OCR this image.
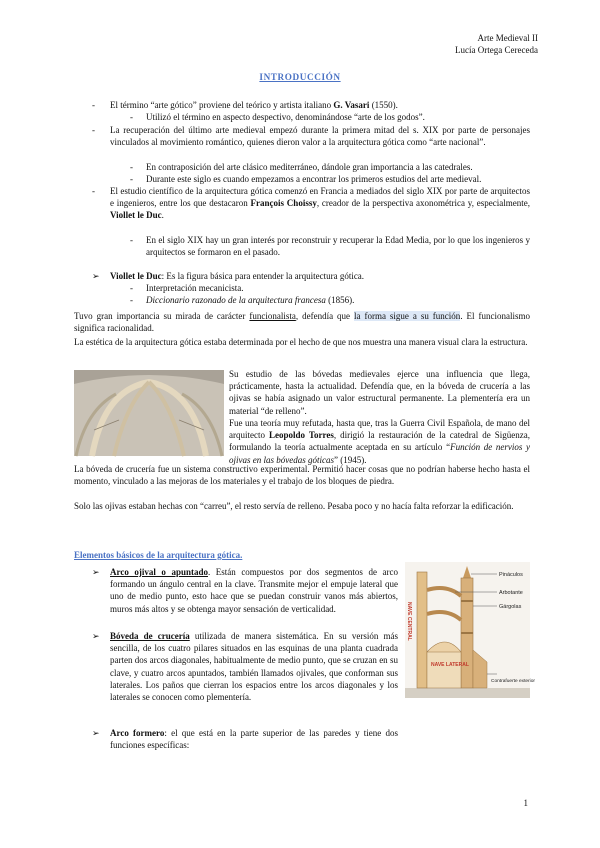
Arte Medieval II
Lucía Ortega Cereceda
INTRODUCCIÓN
- El término “arte gótico” proviene del teórico y artista italiano G. Vasari (1550).
- Utilizó el término en aspecto despectivo, denominándose “arte de los godos”.
- La recuperación del último arte medieval empezó durante la primera mitad del s. XIX por parte de personajes vinculados al movimiento romántico, quienes dieron valor a la arquitectura gótica como “arte nacional”.
- En contraposición del arte clásico mediterráneo, dándole gran importancia a las catedrales.
- Durante este siglo es cuando empezamos a encontrar los primeros estudios del arte medieval.
- El estudio científico de la arquitectura gótica comenzó en Francia a mediados del siglo XIX por parte de arquitectos e ingenieros, entre los que destacaron François Choissy, creador de la perspectiva axonométrica y, especialmente, Viollet le Duc.
- En el siglo XIX hay un gran interés por reconstruir y recuperar la Edad Media, por lo que los ingenieros y arquitectos se formaron en el pasado.
➢ Viollet le Duc: Es la figura básica para entender la arquitectura gótica.
- Interpretación mecanicista.
- Diccionario razonado de la arquitectura francesa (1856).
Tuvo gran importancia su mirada de carácter funcionalista, defendía que la forma sigue a su función. El funcionalismo significa racionalidad.
La estética de la arquitectura gótica estaba determinada por el hecho de que nos muestra una manera visual clara la estructura.
Su estudio de las bóvedas medievales ejerce una influencia que llega, prácticamente, hasta la actualidad. Defendía que, en la bóveda de crucería a las ojivas se había asignado un valor estructural permanente. La plementería era un material “de relleno”.
Fue una teoría muy refutada, hasta que, tras la Guerra Civil Española, de mano del arquitecto Leopoldo Torres, dirigió la restauración de la catedral de Sigüenza, formulando la teoría actualmente aceptada en su artículo “Función de nervios y ojivas en las bóvedas góticas” (1945).
La bóveda de crucería fue un sistema constructivo experimental. Permitió hacer cosas que no podrían haberse hecho hasta el momento, vinculado a las mejoras de los materiales y el trabajo de los bloques de piedra.
Solo las ojivas estaban hechas con “carreu”, el resto servía de relleno. Pesaba poco y no hacía falta reforzar la edificación.
Elementos básicos de la arquitectura gótica.
➢ Arco ojival o apuntado. Están compuestos por dos segmentos de arco formando un ángulo central en la clave. Transmite mejor el empuje lateral que uno de medio punto, esto hace que se puedan construir vanos más abiertos, muros más altos y se obtenga mayor sensación de verticalidad.
➢ Bóveda de crucería utilizada de manera sistemática. En su versión más sencilla, de los cuatro pilares situados en las esquinas de una planta cuadrada parten dos arcos diagonales, habitualmente de medio punto, que se cruzan en su clave, y cuatro arcos apuntados, también llamados ojivales, que conforman sus laterales. Los paños que cierran los espacios entre los arcos diagonales y los laterales se conocen como plementería.
➢ Arco formero: el que está en la parte superior de las paredes y tiene dos funciones específicas:
Pináculos
Arbotante
Gárgolas
NAVE CENTRAL
NAVE LATERAL
Contrafuerte exterior
1
